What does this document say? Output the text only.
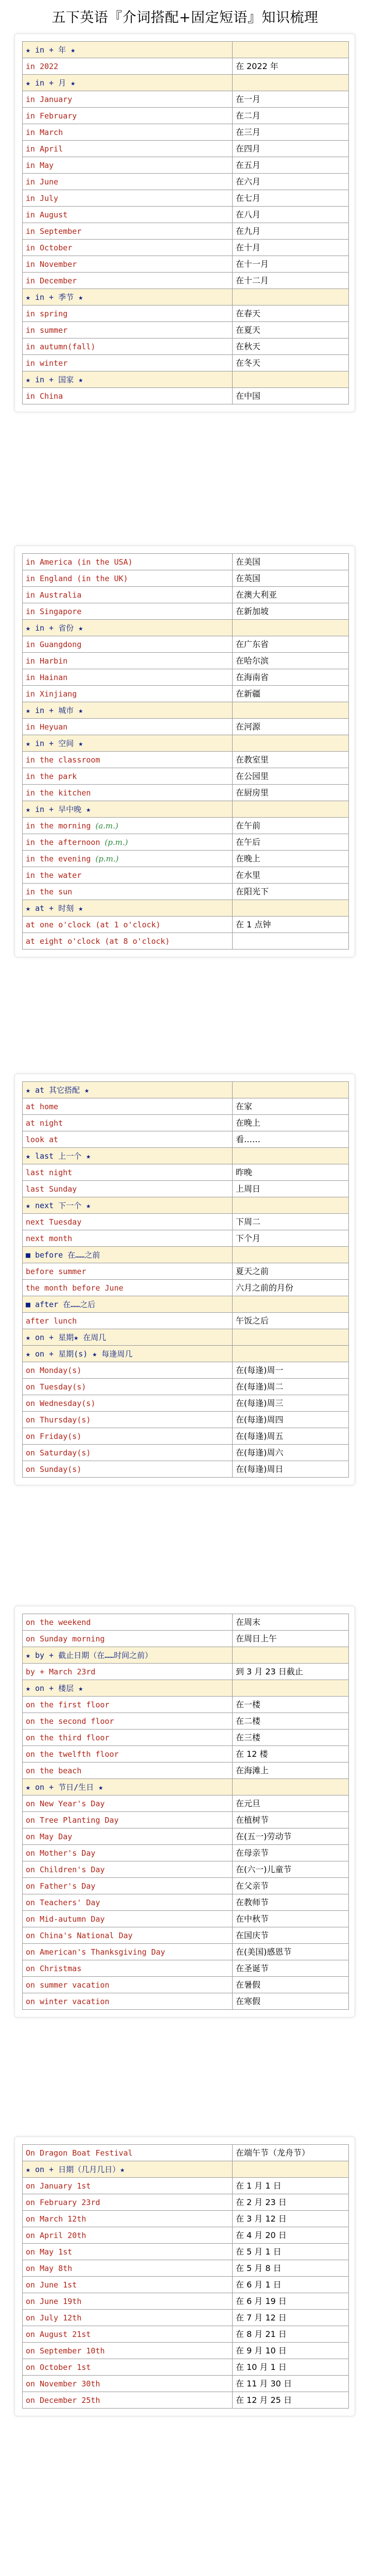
五下英语『介词搭配+固定短语』知识梳理
★ in + 年 ★	
in 2022	在 2022 年
★ in + 月 ★	
in January	在一月
in February	在二月
in March	在三月
in April	在四月
in May	在五月
in June	在六月
in July	在七月
in August	在八月
in September	在九月
in October	在十月
in November	在十一月
in December	在十二月
★ in + 季节 ★	
in spring	在春天
in summer	在夏天
in autumn(fall)	在秋天
in winter	在冬天
★ in + 国家 ★	
in China	在中国
in America (in the USA)	在美国
in England (in the UK)	在英国
in Australia	在澳大利亚
in Singapore	在新加坡
★ in + 省份 ★	
in Guangdong	在广东省
in Harbin	在哈尔滨
in Hainan	在海南省
in Xinjiang	在新疆
★ in + 城市 ★	
in Heyuan	在河源
★ in + 空间 ★	
in the classroom	在教室里
in the park	在公园里
in the kitchen	在厨房里
★ in + 早中晚 ★	
in the morning (a.m.)	在午前
in the afternoon (p.m.)	在午后
in the evening (p.m.)	在晚上
in the water	在水里
in the sun	在阳光下
★ at + 时刻 ★	
at one o'clock (at 1 o'clock)	在 1 点钟
at eight o'clock (at 8 o'clock)	
★ at 其它搭配 ★	
at home	在家
at night	在晚上
look at	看……
★ last 上一个 ★	
last night	昨晚
last Sunday	上周日
★ next 下一个 ★	
next Tuesday	下周二
next month	下个月
■ before 在……之前	
before summer	夏天之前
the month before June	六月之前的月份
■ after 在……之后	
after lunch	午饭之后
★ on + 星期★ 在周几	
★ on + 星期(s) ★ 每逢周几	
on Monday(s)	在(每逢)周一
on Tuesday(s)	在(每逢)周二
on Wednesday(s)	在(每逢)周三
on Thursday(s)	在(每逢)周四
on Friday(s)	在(每逢)周五
on Saturday(s)	在(每逢)周六
on Sunday(s)	在(每逢)周日
on the weekend	在周末
on Sunday morning	在周日上午
★ by + 截止日期（在……时间之前）	
by + March 23rd	到 3 月 23 日截止
★ on + 楼层 ★	
on the first floor	在一楼
on the second floor	在二楼
on the third floor	在三楼
on the twelfth floor	在 12 楼
on the beach	在海滩上
★ on + 节日/生日 ★	
on New Year's Day	在元旦
on Tree Planting Day	在植树节
on May Day	在(五一)劳动节
on Mother's Day	在母亲节
on Children's Day	在(六一)儿童节
on Father's Day	在父亲节
on Teachers' Day	在教师节
on Mid-autumn Day	在中秋节
on China's National Day	在国庆节
on American's Thanksgiving Day	在(美国)感恩节
on Christmas	在圣诞节
on summer vacation	在暑假
on winter vacation	在寒假
On Dragon Boat Festival	在端午节（龙舟节）
★ on + 日期（几月几日）★	
on January 1st	在 1 月 1 日
on February 23rd	在 2 月 23 日
on March 12th	在 3 月 12 日
on April 20th	在 4 月 20 日
on May 1st	在 5 月 1 日
on May 8th	在 5 月 8 日
on June 1st	在 6 月 1 日
on June 19th	在 6 月 19 日
on July 12th	在 7 月 12 日
on August 21st	在 8 月 21 日
on September 10th	在 9 月 10 日
on October 1st	在 10 月 1 日
on November 30th	在 11 月 30 日
on December 25th	在 12 月 25 日
